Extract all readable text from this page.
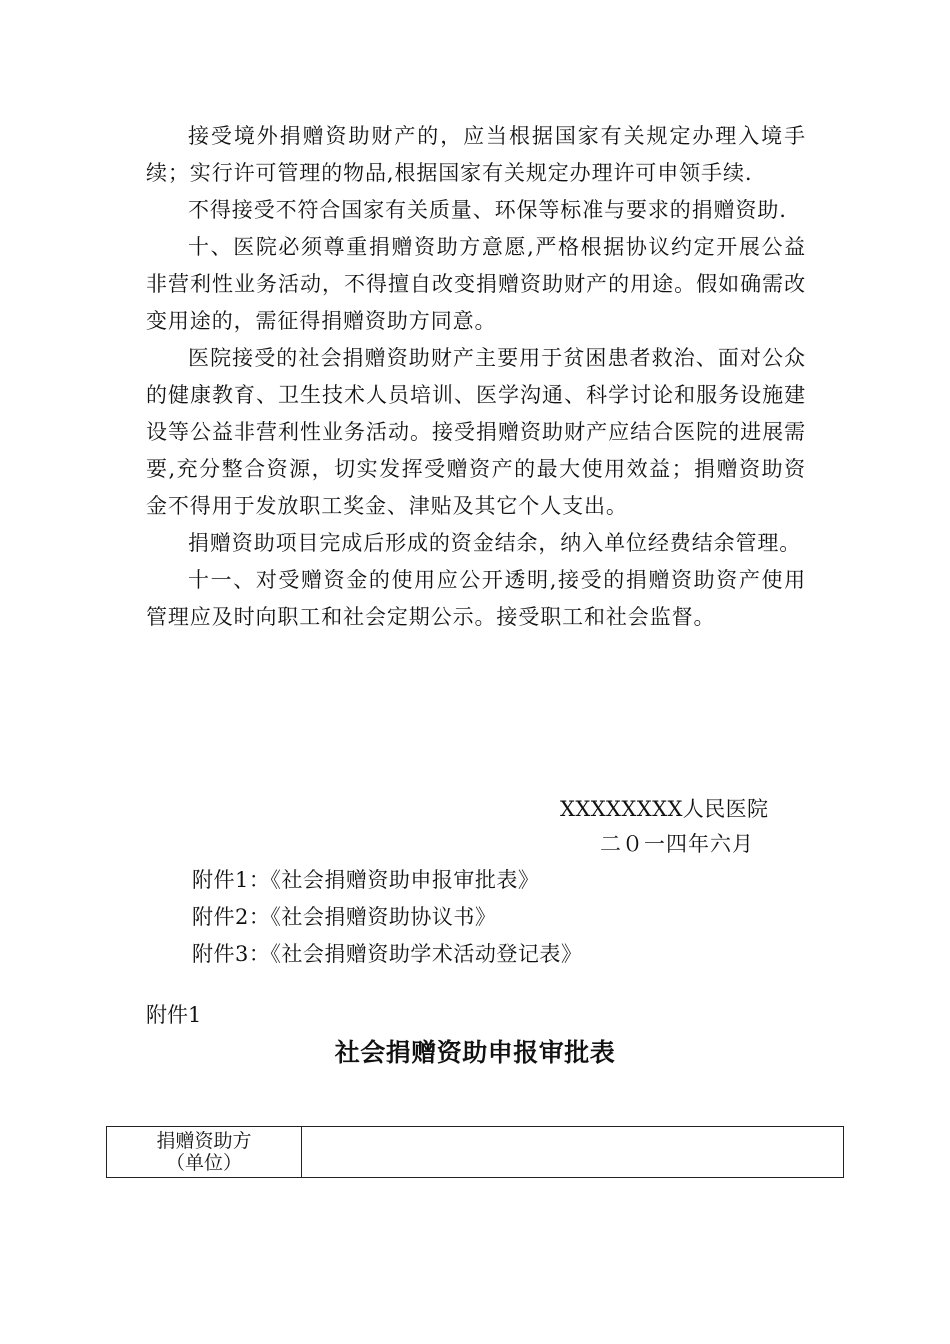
接受境外捐赠资助财产的，应当根据国家有关规定办理入境手续；实行许可管理的物品,根据国家有关规定办理许可申领手续.

不得接受不符合国家有关质量、环保等标准与要求的捐赠资助.

十、医院必须尊重捐赠资助方意愿,严格根据协议约定开展公益非营利性业务活动，不得擅自改变捐赠资助财产的用途。假如确需改变用途的，需征得捐赠资助方同意。

医院接受的社会捐赠资助财产主要用于贫困患者救治、面对公众的健康教育、卫生技术人员培训、医学沟通、科学讨论和服务设施建设等公益非营利性业务活动。接受捐赠资助财产应结合医院的进展需要,充分整合资源，切实发挥受赠资产的最大使用效益；捐赠资助资金不得用于发放职工奖金、津贴及其它个人支出。

捐赠资助项目完成后形成的资金结余，纳入单位经费结余管理。

十一、对受赠资金的使用应公开透明,接受的捐赠资助资产使用管理应及时向职工和社会定期公示。接受职工和社会监督。

XXXXXXXX人民医院
二０一四年六月
附件1：《社会捐赠资助申报审批表》
附件2：《社会捐赠资助协议书》
附件3：《社会捐赠资助学术活动登记表》
附件1
社会捐赠资助申报审批表
捐赠资助方
（单位）
